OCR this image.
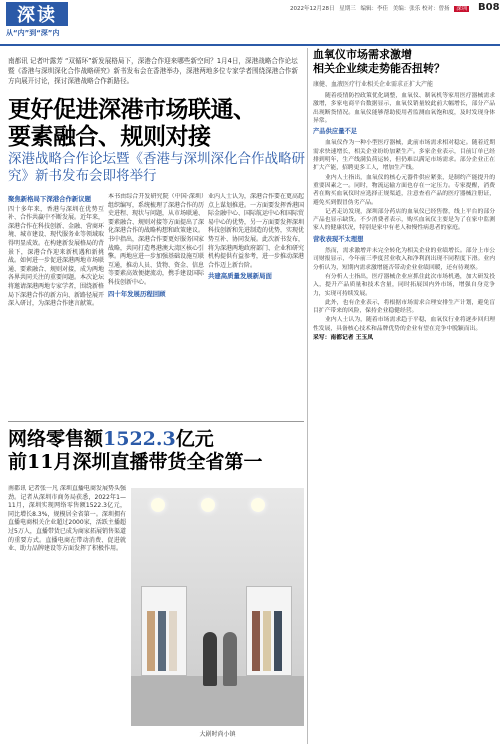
深读
从“内”到“深”内
2022年12月28日 星期三 编辑：李佳 美编：张乐 校对：曾扬 深圳	B08
南都讯 记者叶露芳 “双循环”新发展格局下，深港合作迎来哪些新空间？1月4日，深港战略合作论坛暨《香港与深圳深化合作战略研究》新书发布会在香港举办，深港两地多位专家学者围绕深港合作新方向展开讨论，探讨深港战略合作新路径。
更好促进深港市场联通、
要素融合、规则对接
深港战略合作论坛暨《香港与深圳深化合作战略研究》新书发布会即将举行
聚焦新格局下深港合作新议题
四十多年来，香港与深圳在优势互补、合作共赢中不断发展。近年来，深港合作在科技创新、金融、营商环境、城市建设、现代服务业等领域取得明显成效。在构建新发展格局的背景下，深港合作迎来新机遇和新挑战。如何进一步促进深港两地市场联通、要素融合、规则对接，成为两地各界共同关注的重要问题。本次论坛将邀请深港两地专家学者，围绕新格局下深港合作的新方向、新路径展开深入研讨，为深港合作建言献策。
本书由综合开发研究院（中国·深圳）组织编写，系统梳理了深港合作的历史进程、现状与问题，从市场联通、要素融合、规则对接等方面提出了深化深港合作的战略构想和政策建议。书中指出，深港合作要更好服务国家战略，共同打造粤港澳大湾区核心引擎。两地应进一步加强基础设施互联互通，推动人员、货物、资金、信息等要素高效便捷流动，携手建设国际科技创新中心。
四十年发展历程回顾
业内人士认为，深港合作要在更高起点上谋划推进。一方面要发挥香港国际金融中心、国际航运中心和国际贸易中心的优势，另一方面要发挥深圳科技创新和先进制造的优势，实现优势互补、协同发展。此次新书发布，将为深港两地政府部门、企业和研究机构提供有益参考，进一步推动深港合作迈上新台阶。
共建高质量发展新局面
网络零售额1522.3亿元
前11月深圳直播带货全省第一
南都讯 记者张一凡 深圳直播电商发展势头强劲。记者从深圳市商务局获悉，2022年1—11月，深圳实现网络零售额1522.3亿元，同比增长8.3%，规模居全省第一。深圳拥有直播电商相关企业超过2000家，活跃主播超过5万人，直播带货已成为商家拓展销售渠道的重要方式。直播电商在带动消费、促进就业、助力品牌建设等方面发挥了积极作用。
大剧时尚小镇
血氧仪市场需求激增
相关企业续走势能否扭转？
康健、血液医疗行业相关企业需求正扩大产能

随着疫情防控政策优化调整，血氧仪、制氧机等家用医疗器械需求激增，多家电商平台数据显示，血氧仪销量较此前大幅增长，部分产品出现断货情况。血氧仪能够帮助使用者监测血氧饱和度，及时发现身体异常。

产品供应量不足

血氧仪作为一种小型医疗器械，此前市场需求相对稳定。随着近期需求快速增长，相关企业纷纷加紧生产。多家企业表示，目前订单已经排到明年，生产线满负荷运转，但仍难以满足市场需求。部分企业正在扩大产能，招聘更多工人，增加生产线。

业内人士指出，血氧仪的核心元器件供应紧张，是制约产能提升的重要因素之一。同时，物流运输方面也存在一定压力。专家提醒，消费者在购买血氧仪时应选择正规渠道，注意查看产品的医疗器械注册证，避免买到假冒伪劣产品。

记者走访发现，深圳部分药店的血氧仪已经售罄，线上平台的部分产品也显示缺货。不少消费者表示，购买血氧仪主要是为了在家中监测家人的健康状况，特别是家中有老人和慢性病患者的家庭。

营收表现不太理想

然而，需求激增并未完全转化为相关企业的业绩增长。部分上市公司财报显示，今年前三季度营业收入和净利润出现不同程度下滑。业内分析认为，短期内需求激增能否带动企业业绩回暖，还有待观察。

有分析人士指出，医疗器械企业应抓住此次市场机遇，加大研发投入，提升产品质量和技术含量，同时拓展国内外市场，增强自身竞争力，实现可持续发展。

此外，也有企业表示，将根据市场需求合理安排生产计划，避免盲目扩产带来的风险，保持企业稳健经营。

业内人士认为，随着市场需求趋于平稳，血氧仪行业将逐步回归理性发展，具备核心技术和品牌优势的企业有望在竞争中脱颖而出。

采写：南都记者 王玉凤
